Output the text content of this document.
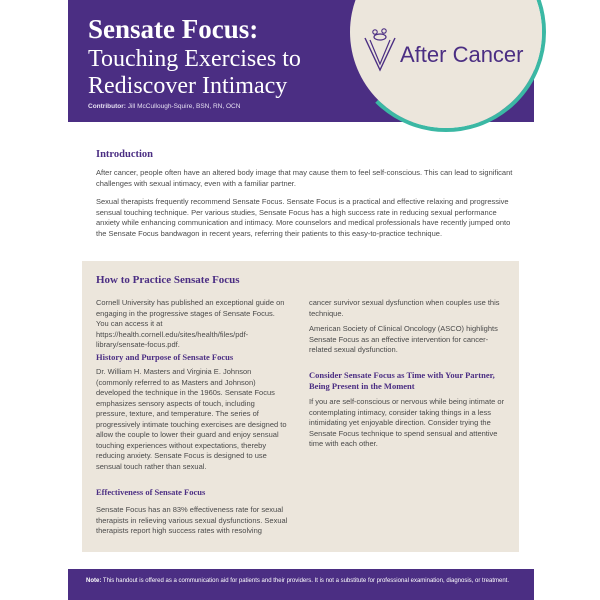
Sensate Focus:
Touching Exercises to
Rediscover Intimacy
Contributor: Jill McCullough-Squire, BSN, RN, OCN
After Cancer
Introduction

After cancer, people often have an altered body image that may cause them to feel self-conscious. This can lead to significant challenges with sexual intimacy, even with a familiar partner.

Sexual therapists frequently recommend Sensate Focus. Sensate Focus is a practical and effective relaxing and progressive sensual touching technique. Per various studies, Sensate Focus has a high success rate in reducing sexual performance anxiety while enhancing communication and intimacy. More counselors and medical professionals have recently jumped onto the Sensate Focus bandwagon in recent years, referring their patients to this easy-to-practice technique.

How to Practice Sensate Focus

Cornell University has published an exceptional guide on engaging in the progressive stages of Sensate Focus. You can access it at https://health.cornell.edu/sites/health/files/pdf-library/sensate-focus.pdf.

History and Purpose of Sensate Focus

Dr. William H. Masters and Virginia E. Johnson (commonly referred to as Masters and Johnson) developed the technique in the 1960s. Sensate Focus emphasizes sensory aspects of touch, including pressure, texture, and temperature. The series of progressively intimate touching exercises are designed to allow the couple to lower their guard and enjoy sensual touching experiences without expectations, thereby reducing anxiety. Sensate Focus is designed to use sensual touch rather than sexual.

Effectiveness of Sensate Focus

Sensate Focus has an 83% effectiveness rate for sexual therapists in relieving various sexual dysfunctions. Sexual therapists report high success rates with resolving

cancer survivor sexual dysfunction when couples use this technique.

American Society of Clinical Oncology (ASCO) highlights Sensate Focus as an effective intervention for cancer-related sexual dysfunction.

Consider Sensate Focus as Time with Your Partner, Being Present in the Moment

If you are self-conscious or nervous while being intimate or contemplating intimacy, consider taking things in a less intimidating yet enjoyable direction. Consider trying the Sensate Focus technique to spend sensual and attentive time with each other.

Note: This handout is offered as a communication aid for patients and their providers. It is not a substitute for professional examination, diagnosis, or treatment.
